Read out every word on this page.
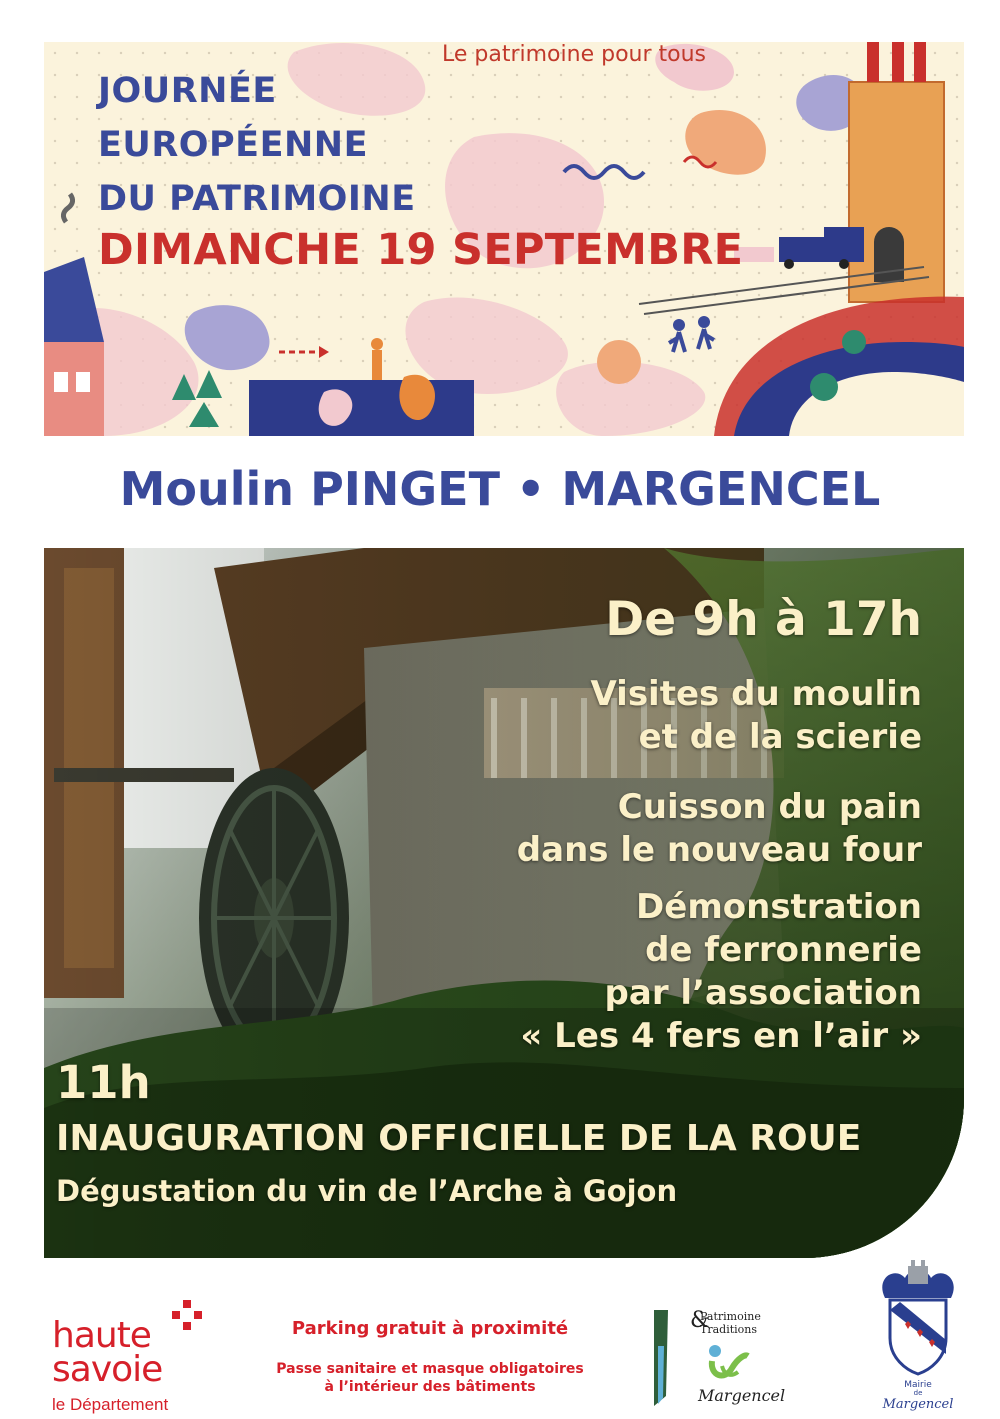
Le patrimoine pour tous
JOURNÉE
EUROPÉENNE
DU PATRIMOINE
DIMANCHE 19 SEPTEMBRE
Moulin PINGET • MARGENCEL
De 9h à 17h
Visites du moulin
et de la scierie
Cuisson du pain
dans le nouveau four
Démonstration
de ferronnerie
par l’association
« Les 4 fers en l’air »
11h
INAUGURATION OFFICIELLE DE LA ROUE
Dégustation du vin de l’Arche à Gojon
haute
savoie
le Département
Parking gratuit à proximité
Passe sanitaire et masque obligatoires
à l’intérieur des bâtiments
&
Patrimoine
Traditions
Margencel
Mairie
de
Margencel
